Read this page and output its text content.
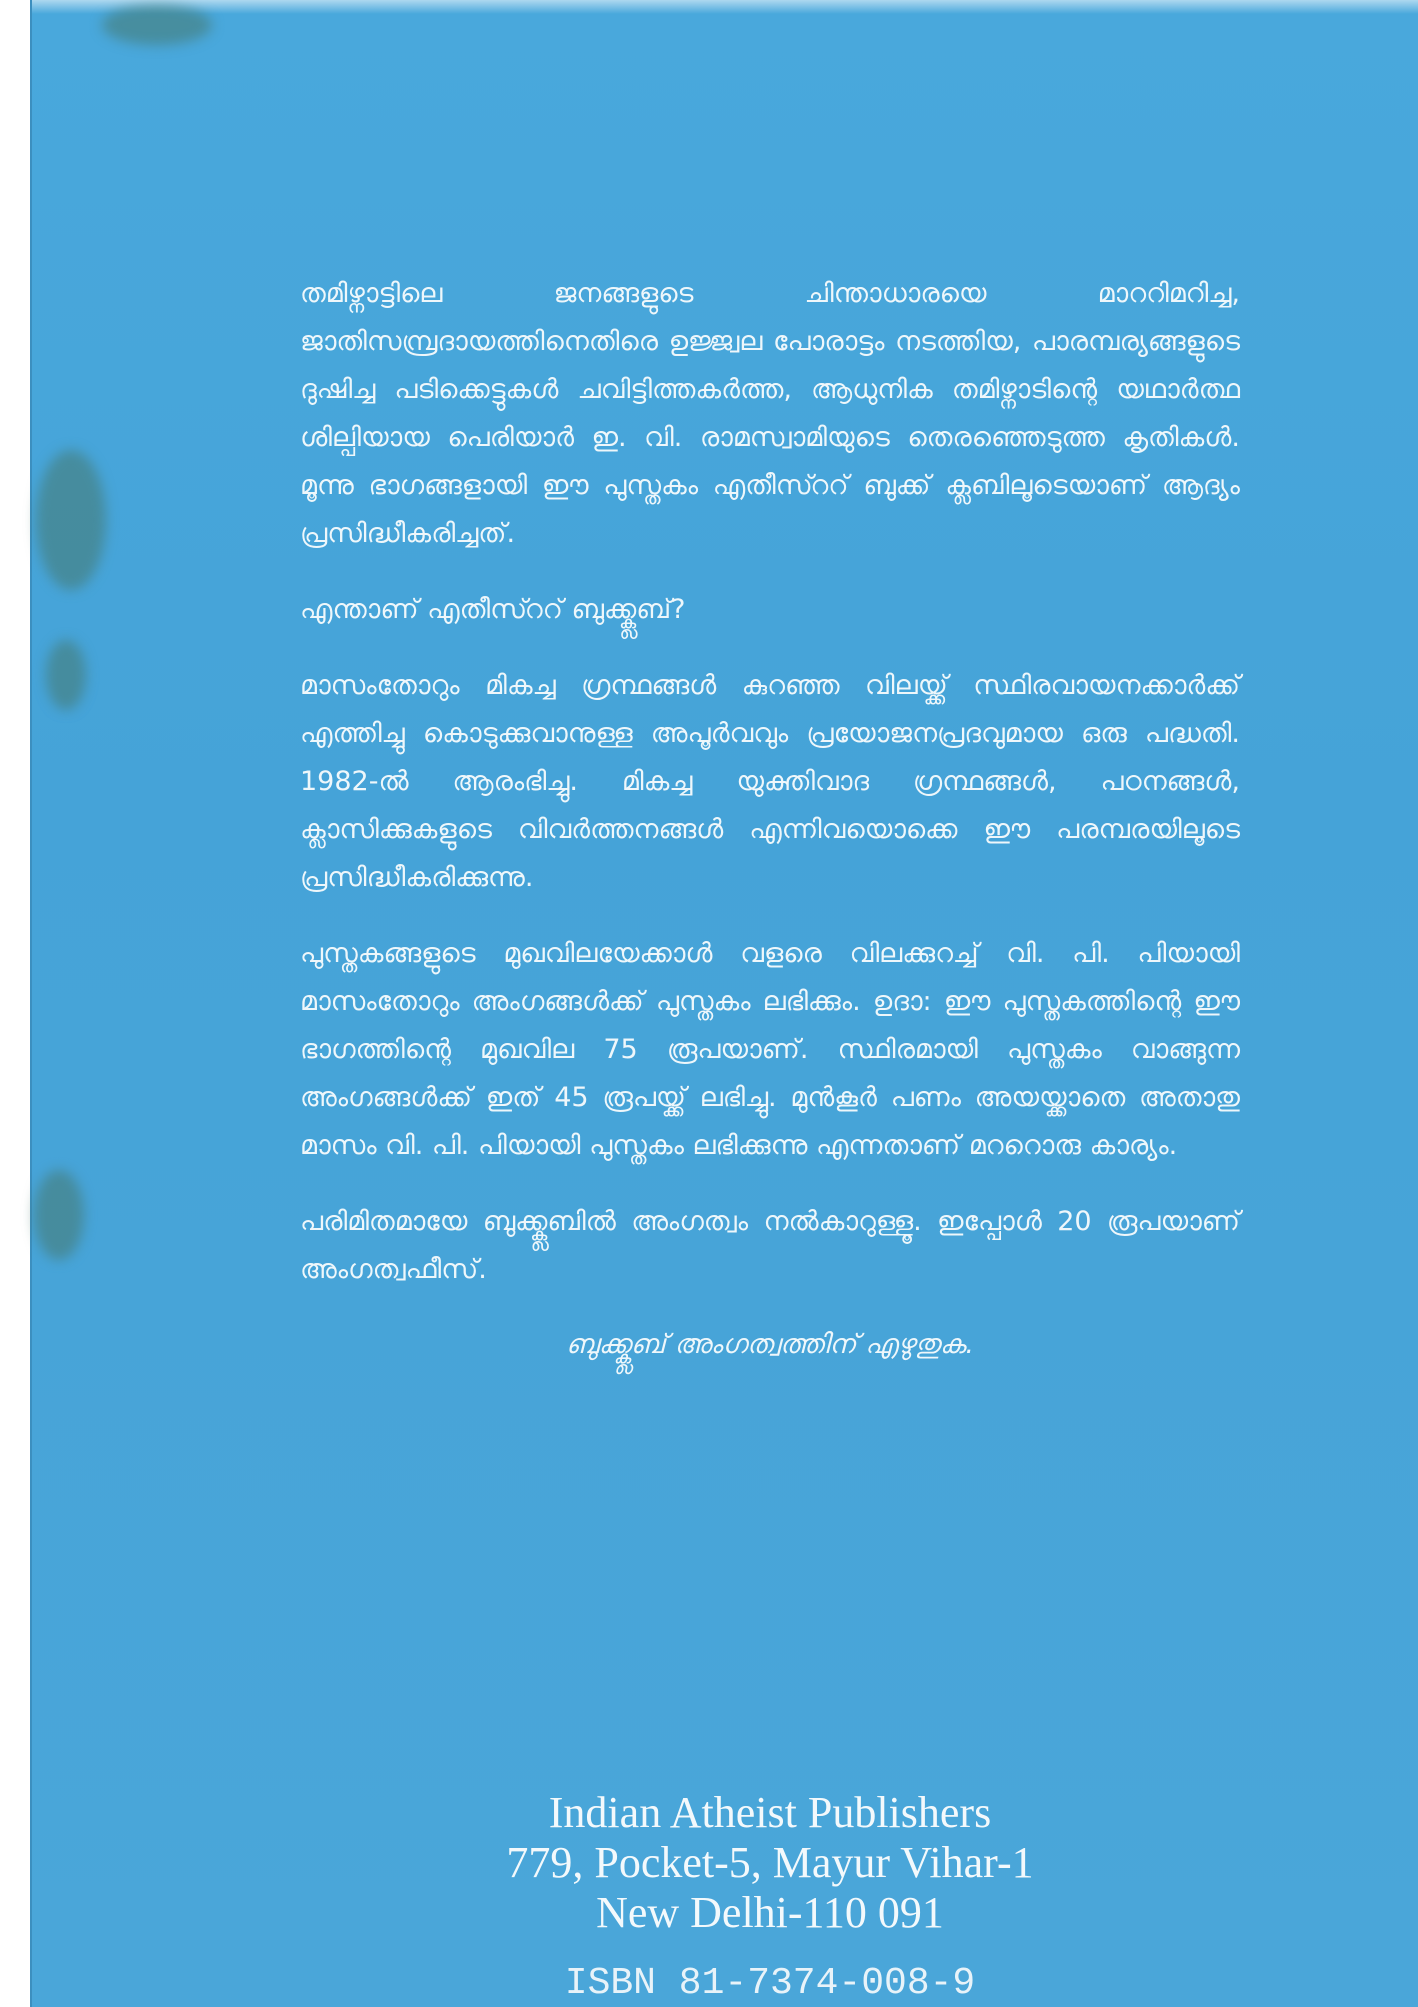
തമിഴ്നാട്ടിലെ ജനങ്ങളുടെ ചിന്താധാരയെ മാററിമറിച്ച, ജാതിസമ്പ്രദായത്തിനെതിരെ ഉജ്ജ്വല പോരാട്ടം നടത്തിയ, പാരമ്പര്യങ്ങളുടെ ദുഷിച്ച പടിക്കെട്ടുകൾ ചവിട്ടിത്തകർത്ത, ആധുനിക തമിഴ്നാടിന്റെ യഥാർത്ഥ ശില്പിയായ പെരിയാർ ഇ. വി. രാമസ്വാമിയുടെ തെരഞ്ഞെടുത്ത കൃതികൾ. മൂന്നു ഭാഗങ്ങളായി ഈ പുസ്തകം എതീസ്ററ് ബുക്ക് ക്ലബിലൂടെയാണ് ആദ്യം പ്രസിദ്ധീകരിച്ചത്.

എന്താണ് എതീസ്ററ് ബുക്ക്ക്ലബ്?

മാസംതോറും മികച്ച ഗ്രന്ഥങ്ങൾ കുറഞ്ഞ വിലയ്ക്ക് സ്ഥിരവായനക്കാർക്ക് എത്തിച്ചു കൊടുക്കുവാനുള്ള അപൂർവവും പ്രയോജനപ്രദവുമായ ഒരു പദ്ധതി. 1982-ൽ ആരംഭിച്ചു. മികച്ച യുക്തിവാദ ഗ്രന്ഥങ്ങൾ, പഠനങ്ങൾ, ക്ലാസിക്കുകളുടെ വിവർത്തനങ്ങൾ എന്നിവയൊക്കെ ഈ പരമ്പരയിലൂടെ പ്രസിദ്ധീകരിക്കുന്നു.

പുസ്തകങ്ങളുടെ മുഖവിലയേക്കാൾ വളരെ വിലക്കുറച്ച് വി. പി. പിയായി മാസംതോറും അംഗങ്ങൾക്ക് പുസ്തകം ലഭിക്കും. ഉദാ: ഈ പുസ്തകത്തിന്റെ ഈ ഭാഗത്തിന്റെ മുഖവില 75 രൂപയാണ്. സ്ഥിരമായി പുസ്തകം വാങ്ങുന്ന അംഗങ്ങൾക്ക് ഇത് 45 രൂപയ്ക്ക് ലഭിച്ചു. മുൻകൂർ പണം അയയ്ക്കാതെ അതാതു മാസം വി. പി. പിയായി പുസ്തകം ലഭിക്കുന്നു എന്നതാണ് മററൊരു കാര്യം.

പരിമിതമായേ ബുക്ക്ക്ലബിൽ അംഗത്വം നൽകാറുള്ളൂ. ഇപ്പോൾ 20 രൂപയാണ് അംഗത്വഫീസ്.

ബുക്ക്ക്ലബ് അംഗത്വത്തിന് എഴുതുക.

Indian Atheist Publishers
779, Pocket-5, Mayur Vihar-1
New Delhi-110 091
ISBN 81-7374-008-9
